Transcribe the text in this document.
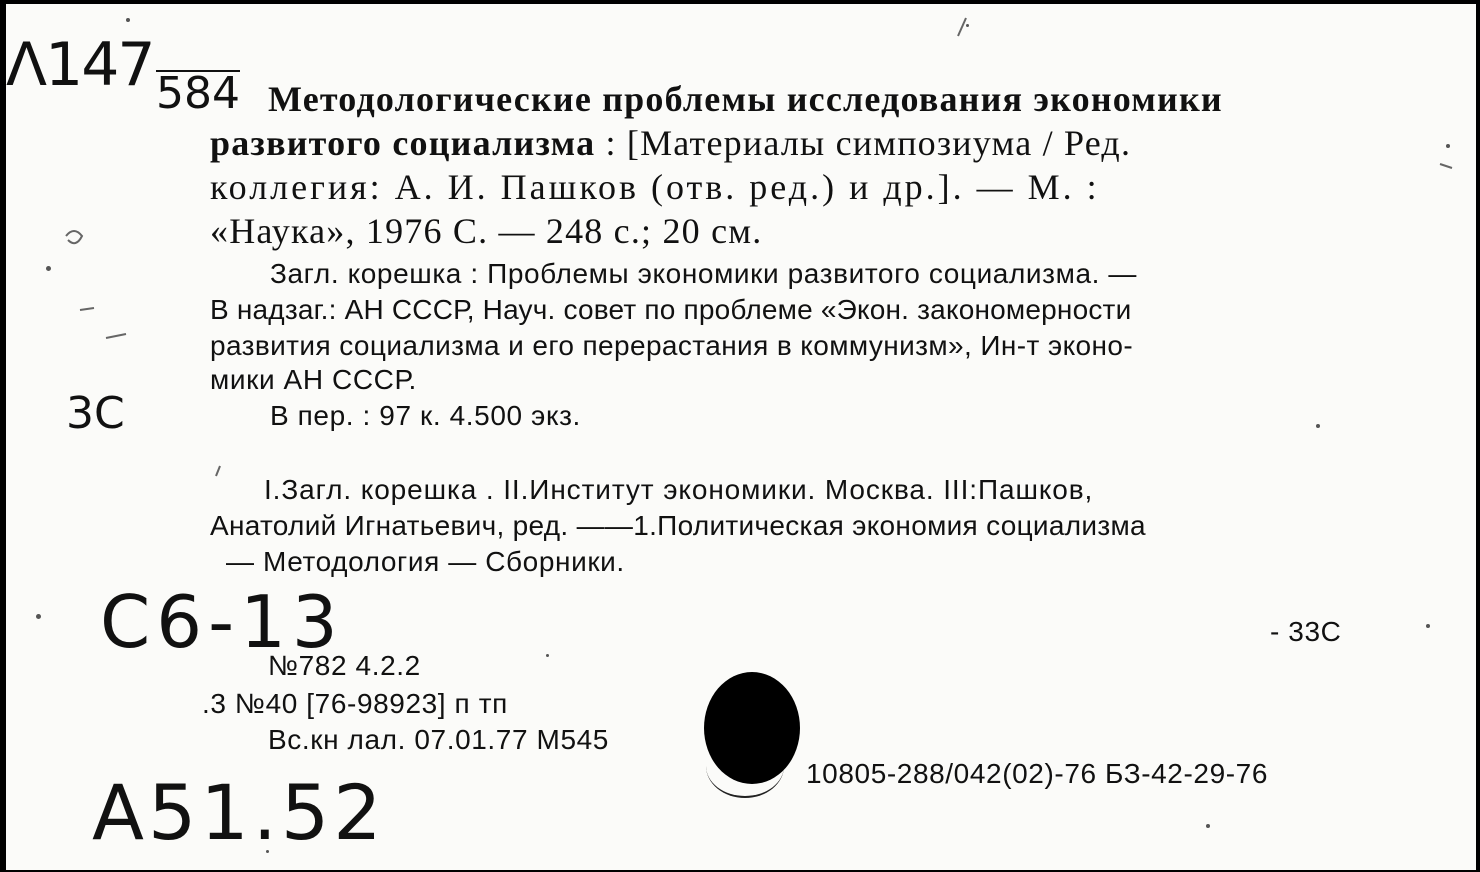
Λ147 584 Методологические проблемы исследования экономики
развитого социализма : [Материалы симпозиума / Ред.
коллегия: А. И. Пашков (отв. ред.) и др.]. — М. :
«Наука», 1976 С. — 248 с.; 20 см.
Загл. корешка : Проблемы экономики развитого социализма. —
В надзаг.: АН СССР, Науч. совет по проблеме «Экон. закономерности
развития социализма и его перерастания в коммунизм», Ин-т эконо-
мики АН СССР.
В пер. : 97 к. 4.500 экз.
3C
I.Загл. корешка . II.Институт экономики. Москва. III:Пашков,
Анатолий Игнатьевич, ред. ——1.Политическая экономия социализма
— Методология — Сборники.
C6-13	- 33С
№782 4.2.2
.3 №40 [76-98923] п тп
Вс.кн лал. 07.01.77 М545
10805-288/042(02)-76 БЗ-42-29-76
A51.52
